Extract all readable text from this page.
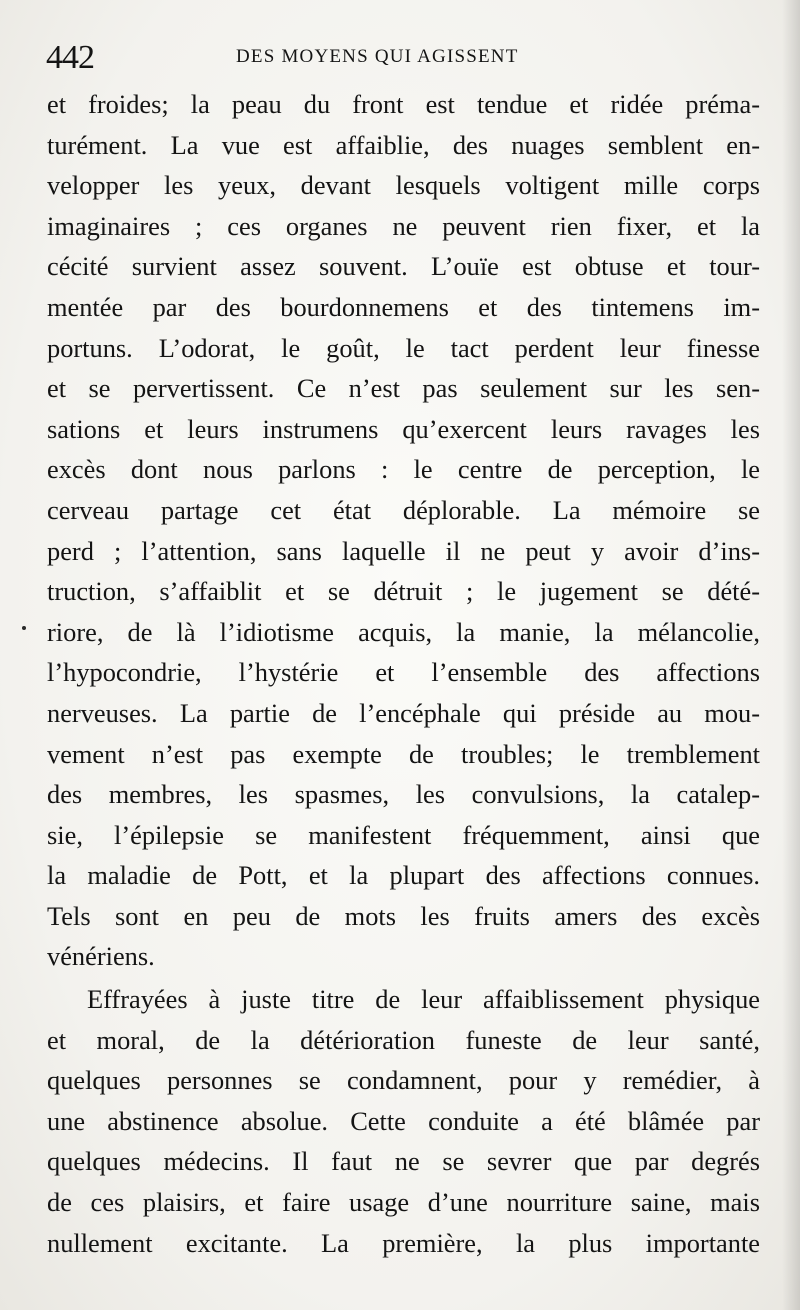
442	DES MOYENS QUI AGISSENT
et froides; la peau du front est tendue et ridée préma-
turément. La vue est affaiblie, des nuages semblent en-
velopper les yeux, devant lesquels voltigent mille corps
imaginaires ; ces organes ne peuvent rien fixer, et la
cécité survient assez souvent. L’ouïe est obtuse et tour-
mentée par des bourdonnemens et des tintemens im-
portuns. L’odorat, le goût, le tact perdent leur finesse
et se pervertissent. Ce n’est pas seulement sur les sen-
sations et leurs instrumens qu’exercent leurs ravages les
excès dont nous parlons : le centre de perception, le
cerveau partage cet état déplorable. La mémoire se
perd ; l’attention, sans laquelle il ne peut y avoir d’ins-
truction, s’affaiblit et se détruit ; le jugement se dété-
riore, de là l’idiotisme acquis, la manie, la mélancolie,
l’hypocondrie, l’hystérie et l’ensemble des affections
nerveuses. La partie de l’encéphale qui préside au mou-
vement n’est pas exempte de troubles; le tremblement
des membres, les spasmes, les convulsions, la catalep-
sie, l’épilepsie se manifestent fréquemment, ainsi que
la maladie de Pott, et la plupart des affections connues.
Tels sont en peu de mots les fruits amers des excès
vénériens.
Effrayées à juste titre de leur affaiblissement physique
et moral, de la détérioration funeste de leur santé,
quelques personnes se condamnent, pour y remédier, à
une abstinence absolue. Cette conduite a été blâmée par
quelques médecins. Il faut ne se sevrer que par degrés
de ces plaisirs, et faire usage d’une nourriture saine, mais
nullement excitante. La première, la plus importante
